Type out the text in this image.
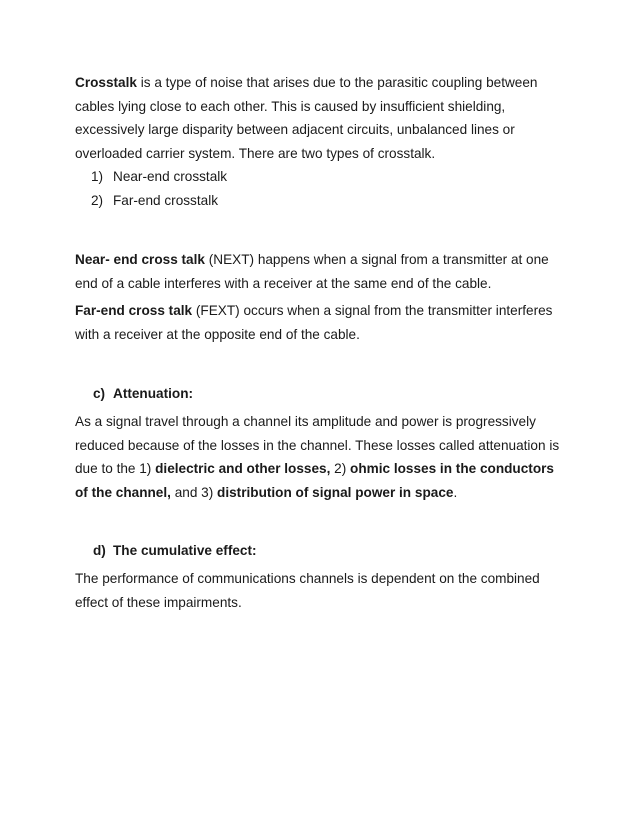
Crosstalk is a type of noise that arises due to the parasitic coupling between cables lying close to each other. This is caused by insufficient shielding, excessively large disparity between adjacent circuits, unbalanced lines or overloaded carrier system. There are two types of crosstalk.

1) Near-end crosstalk
2) Far-end crosstalk

Near- end cross talk (NEXT) happens when a signal from a transmitter at one end of a cable interferes with a receiver at the same end of the cable.

Far-end cross talk (FEXT) occurs when a signal from the transmitter interferes with a receiver at the opposite end of the cable.

c) Attenuation:

As a signal travel through a channel its amplitude and power is progressively reduced because of the losses in the channel. These losses called attenuation is due to the 1) dielectric and other losses, 2) ohmic losses in the conductors of the channel, and 3) distribution of signal power in space.

d) The cumulative effect:

The performance of communications channels is dependent on the combined effect of these impairments.
